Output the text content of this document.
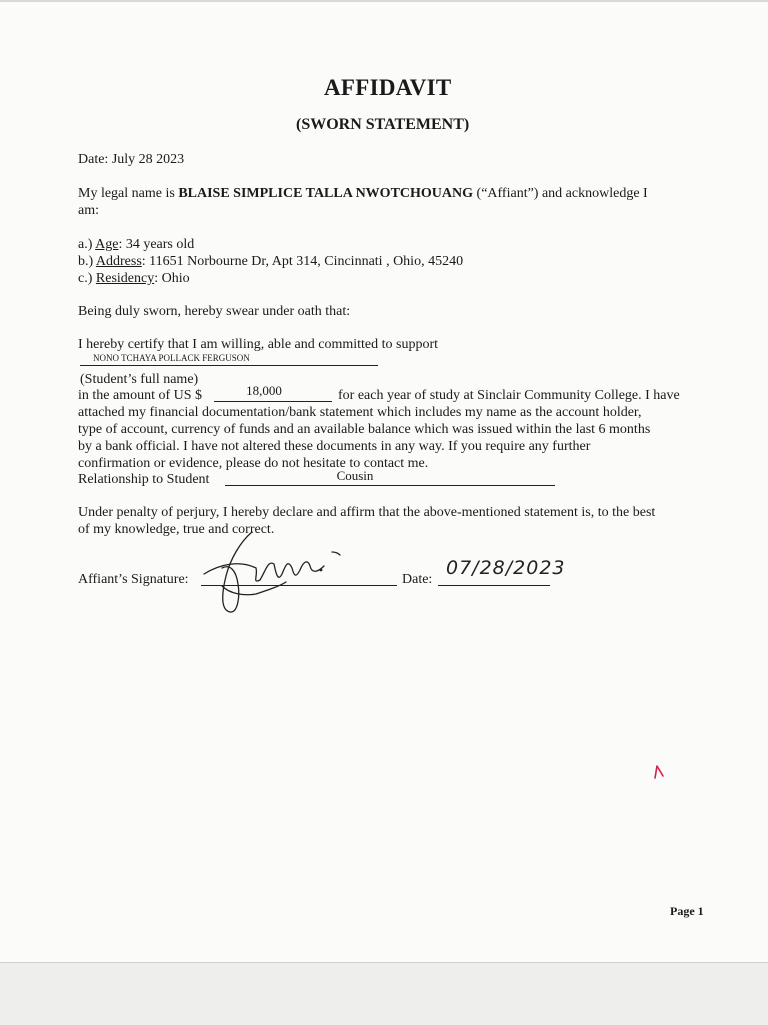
AFFIDAVIT
(SWORN STATEMENT)
Date: July 28 2023
My legal name is BLAISE SIMPLICE TALLA NWOTCHOUANG (“Affiant”) and acknowledge I
am:
a.) Age: 34 years old
b.) Address: 11651 Norbourne Dr, Apt 314, Cincinnati , Ohio, 45240
c.) Residency: Ohio
Being duly sworn, hereby swear under oath that:
I hereby certify that I am willing, able and committed to support
NONO TCHAYA POLLACK FERGUSON
(Student’s full name)
in the amount of US $	18,000	for each year of study at Sinclair Community College. I have
attached my financial documentation/bank statement which includes my name as the account holder,
type of account, currency of funds and an available balance which was issued within the last 6 months
by a bank official. I have not altered these documents in any way. If you require any further
confirmation or evidence, please do not hesitate to contact me.
Relationship to Student	Cousin
Under penalty of perjury, I hereby declare and affirm that the above-mentioned statement is, to the best
of my knowledge, true and correct.
Affiant’s Signature:	Date:
07/28/2023
Page 1
